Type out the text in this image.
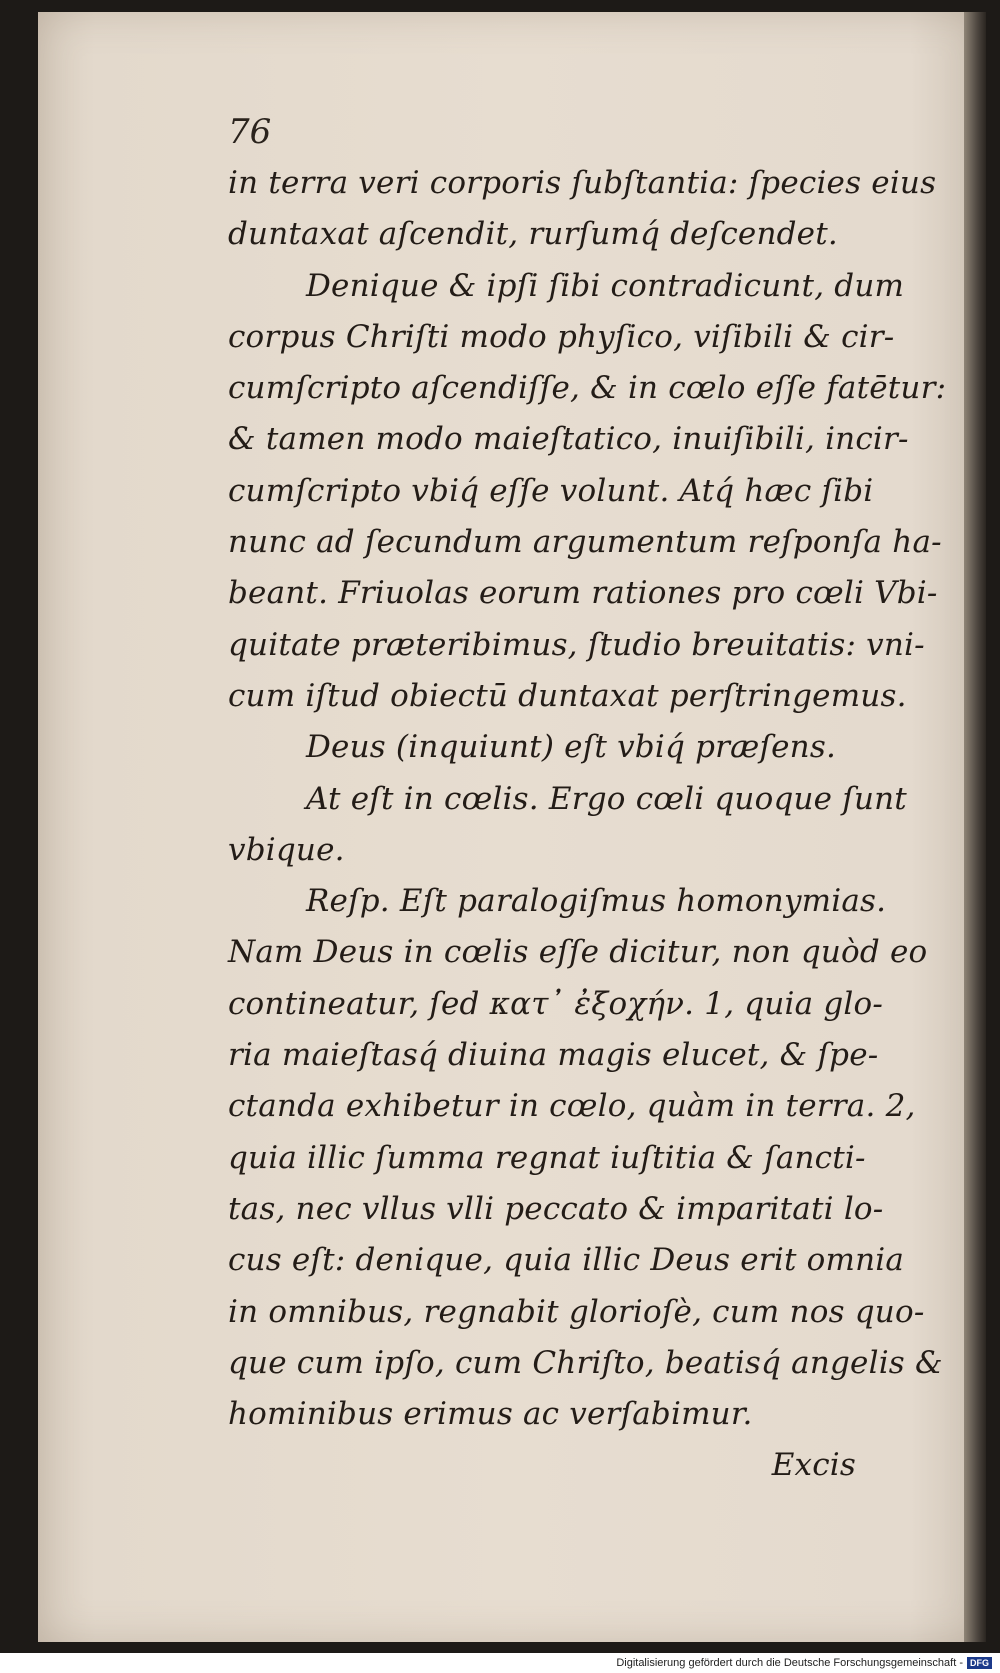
76
in terra veri corporis ſubſtantia: ſpecies eius
duntaxat aſcendit, rurſumq́ deſcendet.
Denique & ipſi ſibi contradicunt, dum
corpus Chriſti modo phyſico, viſibili & cir-
cumſcripto aſcendiſſe, & in cœlo eſſe fatētur:
& tamen modo maieſtatico, inuiſibili, incir-
cumſcripto vbiq́ eſſe volunt. Atq́ hæc ſibi
nunc ad ſecundum argumentum reſponſa ha-
beant. Friuolas eorum rationes pro cœli Vbi-
quitate præteribimus, ſtudio breuitatis: vni-
cum iſtud obiectū duntaxat perſtringemus.
Deus (inquiunt) eſt vbiq́ præſens.
At eſt in cœlis. Ergo cœli quoque ſunt
vbique.
Reſp. Eſt paralogiſmus homonymias.
Nam Deus in cœlis eſſe dicitur, non quòd eo
contineatur, ſed κατ᾽ ἐξοχήν. 1, quia glo-
ria maieſtasq́ diuina magis elucet, & ſpe-
ctanda exhibetur in cœlo, quàm in terra. 2,
quia illic ſumma regnat iuſtitia & ſancti-
tas, nec vllus vlli peccato & imparitati lo-
cus eſt: denique, quia illic Deus erit omnia
in omnibus, regnabit glorioſè, cum nos quo-
que cum ipſo, cum Chriſto, beatisq́ angelis &
hominibus erimus ac verſabimur.
Excis
Digitalisierung gefördert durch die Deutsche Forschungsgemeinschaft - DFG
